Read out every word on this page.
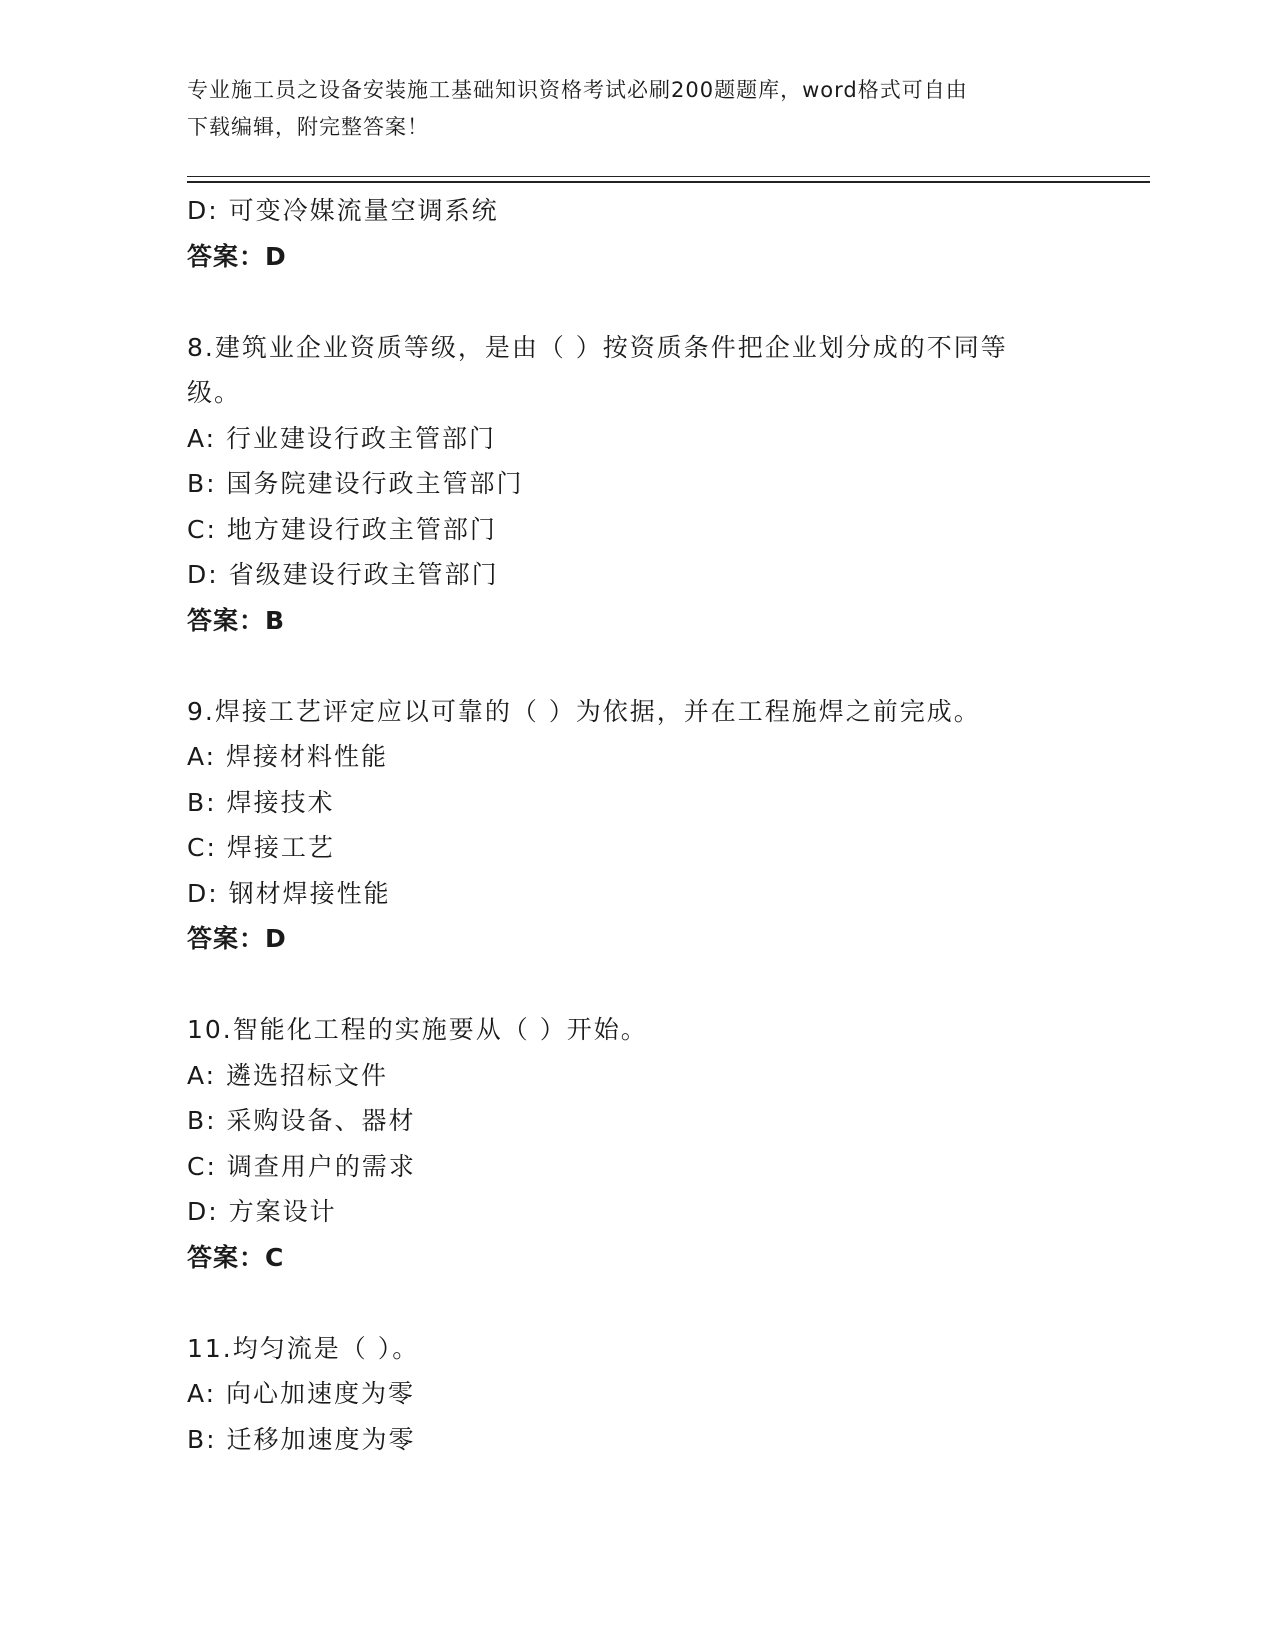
专业施工员之设备安装施工基础知识资格考试必刷200题题库，word格式可自由
下载编辑，附完整答案！
D: 可变冷媒流量空调系统
答案：D
8.建筑业企业资质等级，是由（ ）按资质条件把企业划分成的不同等
级。
A: 行业建设行政主管部门
B: 国务院建设行政主管部门
C: 地方建设行政主管部门
D: 省级建设行政主管部门
答案：B
9.焊接工艺评定应以可靠的（ ）为依据，并在工程施焊之前完成。
A: 焊接材料性能
B: 焊接技术
C: 焊接工艺
D: 钢材焊接性能
答案：D
10.智能化工程的实施要从（ ）开始。
A: 遴选招标文件
B: 采购设备、器材
C: 调查用户的需求
D: 方案设计
答案：C
11.均匀流是（ ）。
A: 向心加速度为零
B: 迁移加速度为零
